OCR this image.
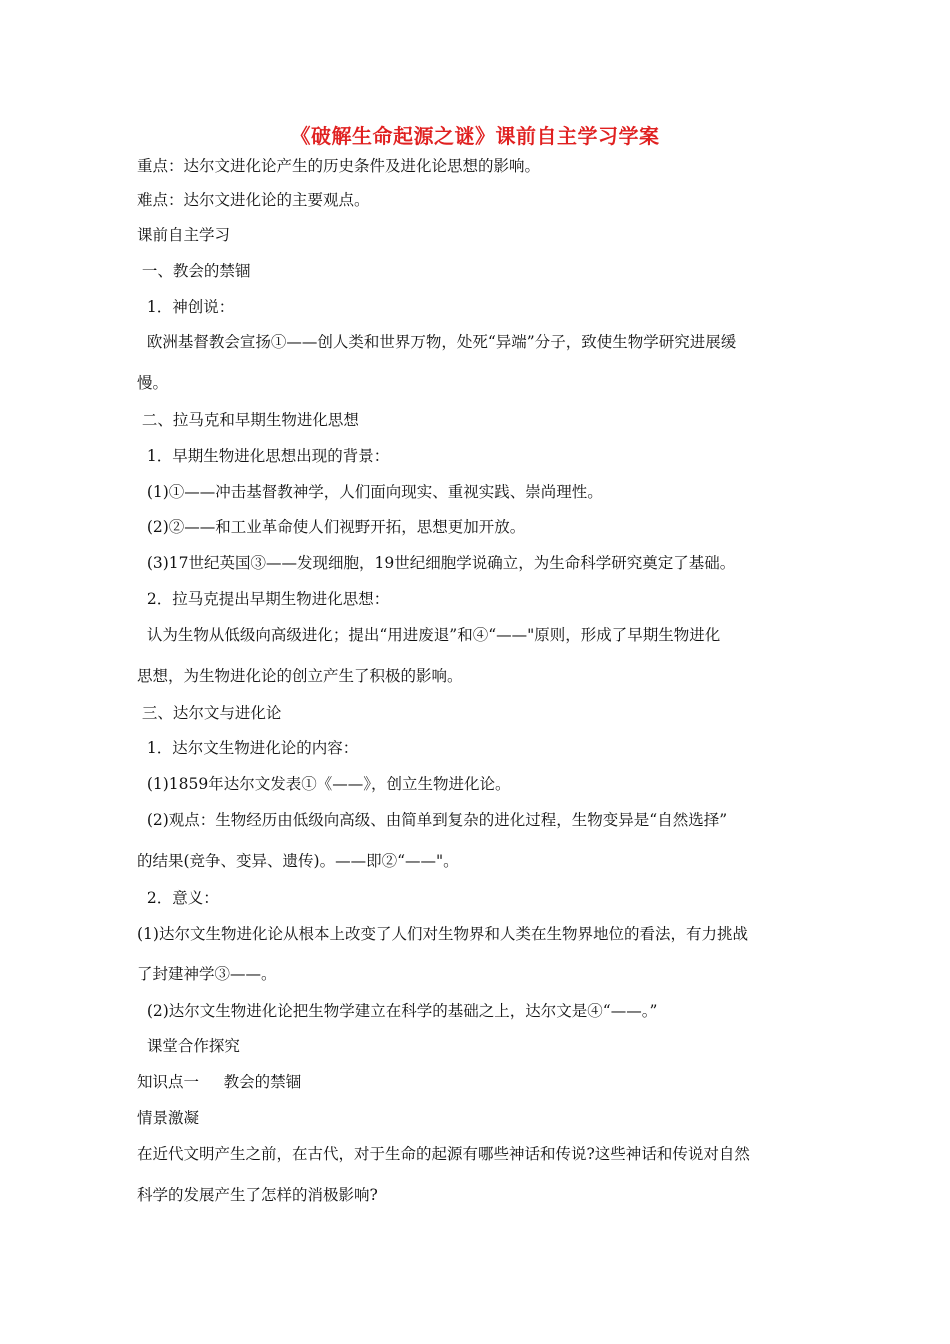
《破解生命起源之谜》课前自主学习学案
重点：达尔文进化论产生的历史条件及进化论思想的影响。
难点：达尔文进化论的主要观点。
课前自主学习
一、教会的禁锢
1．神创说：
欧洲基督教会宣扬①——创人类和世界万物，处死“异端”分子，致使生物学研究进展缓
慢。
二、拉马克和早期生物进化思想
1．早期生物进化思想出现的背景：
(1)①——冲击基督教神学，人们面向现实、重视实践、崇尚理性。
(2)②——和工业革命使人们视野开拓，思想更加开放。
(3)17世纪英国③——发现细胞，19世纪细胞学说确立，为生命科学研究奠定了基础。
2．拉马克提出早期生物进化思想：
认为生物从低级向高级进化；提出“用进废退”和④“——"原则，形成了早期生物进化
思想，为生物进化论的创立产生了积极的影响。
三、达尔文与进化论
1．达尔文生物进化论的内容：
(1)1859年达尔文发表①《——》，创立生物进化论。
(2)观点：生物经历由低级向高级、由简单到复杂的进化过程，生物变异是“自然选择”
的结果(竞争、变异、遗传)。——即②“——"。
2．意义：
(1)达尔文生物进化论从根本上改变了人们对生物界和人类在生物界地位的看法，有力挑战
了封建神学③——。
(2)达尔文生物进化论把生物学建立在科学的基础之上，达尔文是④“——。”
课堂合作探究
知识点一     教会的禁锢
情景激凝
在近代文明产生之前，在古代，对于生命的起源有哪些神话和传说?这些神话和传说对自然
科学的发展产生了怎样的消极影响?
